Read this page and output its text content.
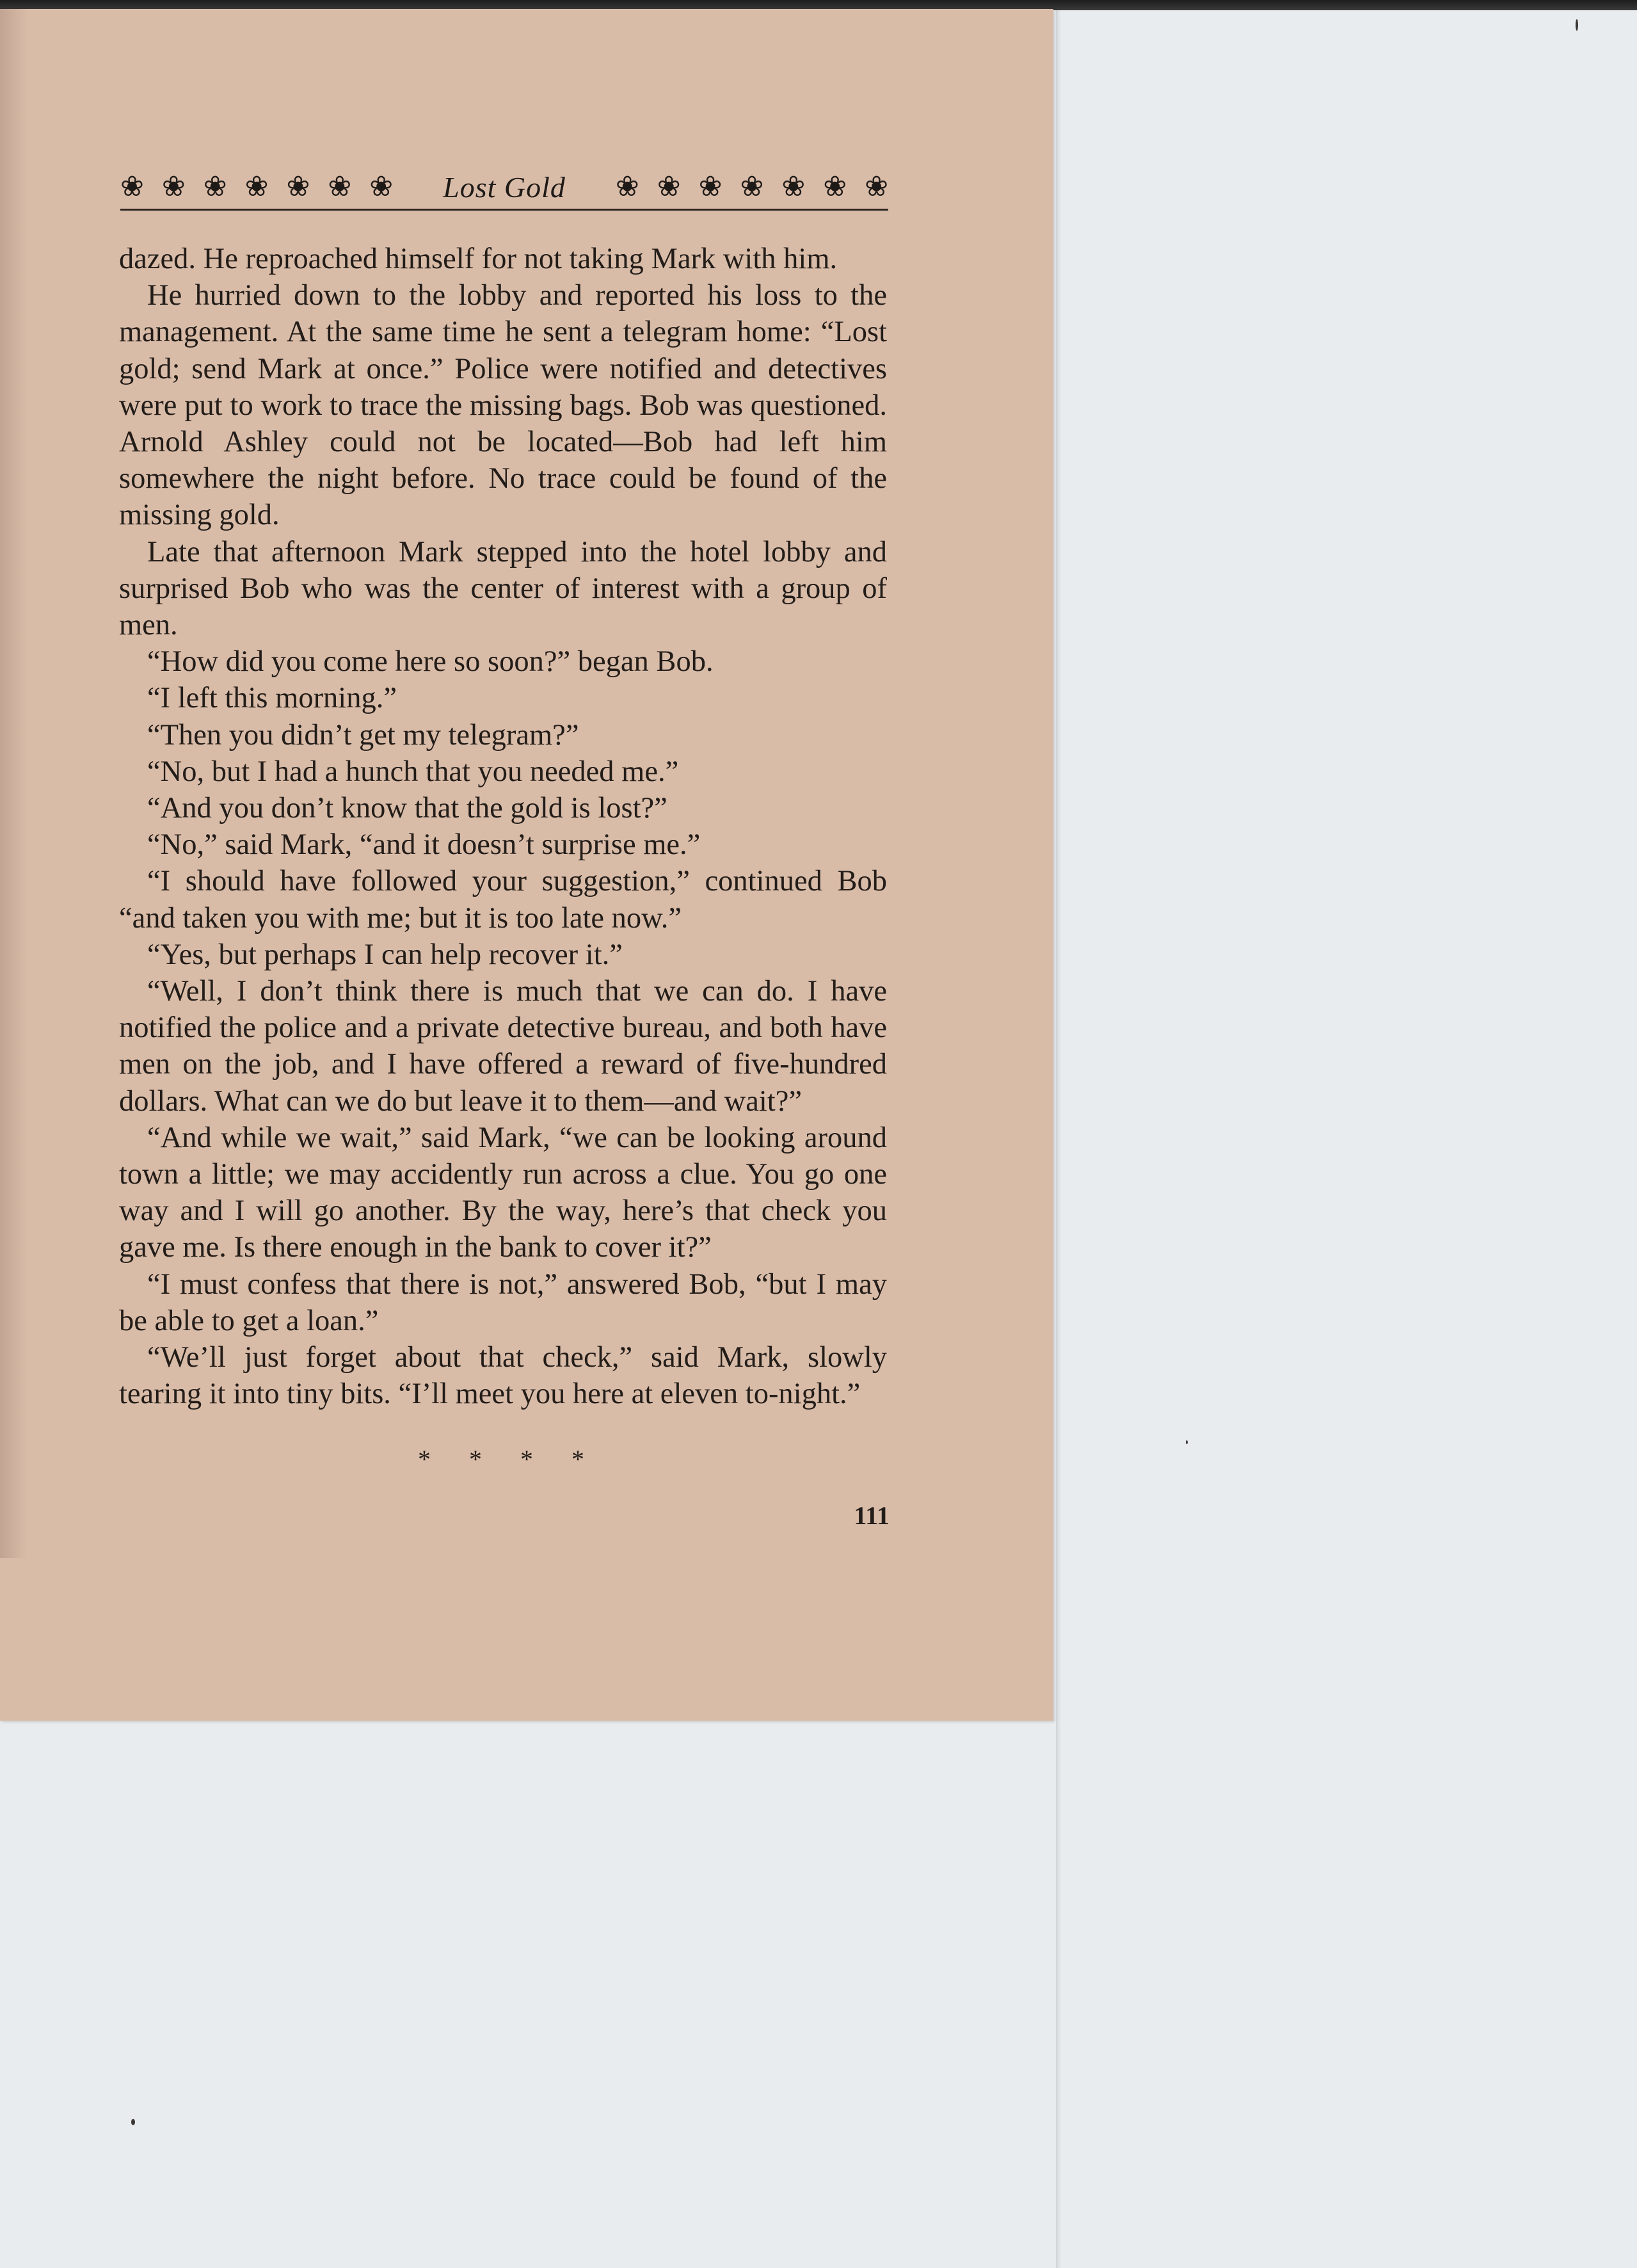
❀ ❀ ❀ ❀ ❀ ❀ ❀ Lost Gold ❀ ❀ ❀ ❀ ❀ ❀ ❀

dazed. He reproached himself for not taking Mark with him.

He hurried down to the lobby and reported his loss to the management. At the same time he sent a telegram home: “Lost gold; send Mark at once.” Police were notified and detectives were put to work to trace the missing bags. Bob was questioned. Arnold Ashley could not be located—Bob had left him somewhere the night before. No trace could be found of the missing gold.

Late that afternoon Mark stepped into the hotel lobby and surprised Bob who was the center of interest with a group of men.

“How did you come here so soon?” began Bob.

“I left this morning.”

“Then you didn’t get my telegram?”

“No, but I had a hunch that you needed me.”

“And you don’t know that the gold is lost?”

“No,” said Mark, “and it doesn’t surprise me.”

“I should have followed your suggestion,” continued Bob “and taken you with me; but it is too late now.”

“Yes, but perhaps I can help recover it.”

“Well, I don’t think there is much that we can do. I have notified the police and a private detective bureau, and both have men on the job, and I have offered a reward of five-hundred dollars. What can we do but leave it to them—and wait?”

“And while we wait,” said Mark, “we can be looking around town a little; we may accidently run across a clue. You go one way and I will go another. By the way, here’s that check you gave me. Is there enough in the bank to cover it?”

“I must confess that there is not,” answered Bob, “but I may be able to get a loan.”

“We’ll just forget about that check,” said Mark, slowly tearing it into tiny bits. “I’ll meet you here at eleven to-night.”

* * * *
111
